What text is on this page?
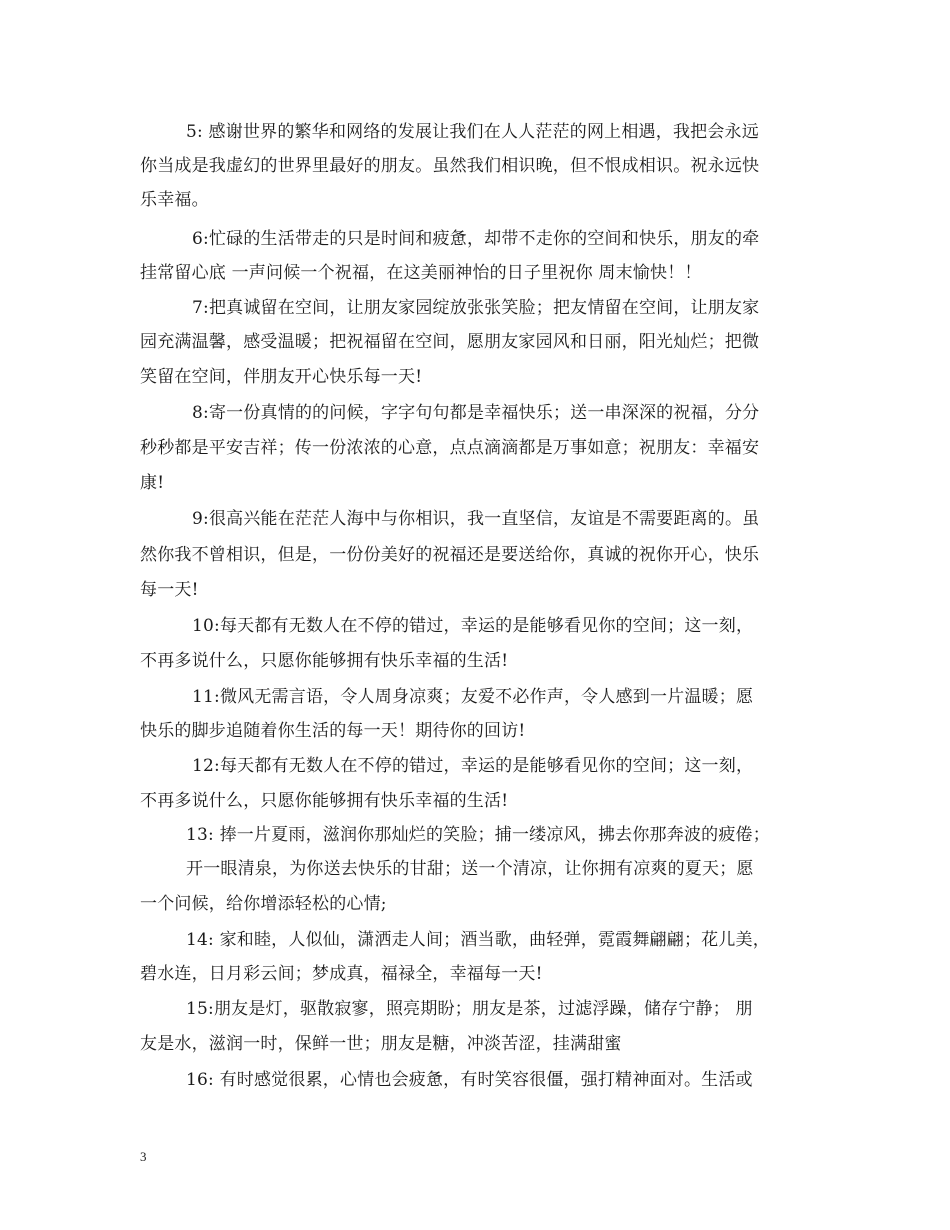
5: 感谢世界的繁华和网络的发展让我们在人人茫茫的网上相遇，我把会永远
你当成是我虚幻的世界里最好的朋友。虽然我们相识晚，但不恨成相识。祝永远快
乐幸福。
6:忙碌的生活带走的只是时间和疲惫，却带不走你的空间和快乐，朋友的牵
挂常留心底 一声问候一个祝福，在这美丽神怡的日子里祝你 周末愉快！！
7:把真诚留在空间，让朋友家园绽放张张笑脸；把友情留在空间，让朋友家
园充满温馨，感受温暖；把祝福留在空间，愿朋友家园风和日丽，阳光灿烂；把微
笑留在空间，伴朋友开心快乐每一天!
8:寄一份真情的的问候，字字句句都是幸福快乐；送一串深深的祝福，分分
秒秒都是平安吉祥；传一份浓浓的心意，点点滴滴都是万事如意；祝朋友：幸福安
康!
9:很高兴能在茫茫人海中与你相识，我一直坚信，友谊是不需要距离的。虽
然你我不曾相识，但是，一份份美好的祝福还是要送给你，真诚的祝你开心，快乐
每一天!
10:每天都有无数人在不停的错过，幸运的是能够看见你的空间；这一刻，
不再多说什么，只愿你能够拥有快乐幸福的生活!
11:微风无需言语，令人周身凉爽；友爱不必作声，令人感到一片温暖；愿
快乐的脚步追随着你生活的每一天！期待你的回访!
12:每天都有无数人在不停的错过，幸运的是能够看见你的空间；这一刻，
不再多说什么，只愿你能够拥有快乐幸福的生活!
13: 捧一片夏雨，滋润你那灿烂的笑脸；捕一缕凉风，拂去你那奔波的疲倦；
开一眼清泉，为你送去快乐的甘甜；送一个清凉，让你拥有凉爽的夏天；愿
一个问候，给你增添轻松的心情;
14: 家和睦，人似仙，潇洒走人间；酒当歌，曲轻弹，霓霞舞翩翩；花儿美，
碧水连，日月彩云间；梦成真，福禄全，幸福每一天!
15:朋友是灯，驱散寂寥，照亮期盼；朋友是茶，过滤浮躁，储存宁静； 朋
友是水，滋润一时，保鲜一世；朋友是糖，冲淡苦涩，挂满甜蜜
16: 有时感觉很累，心情也会疲惫，有时笑容很僵，强打精神面对。生活或
3
